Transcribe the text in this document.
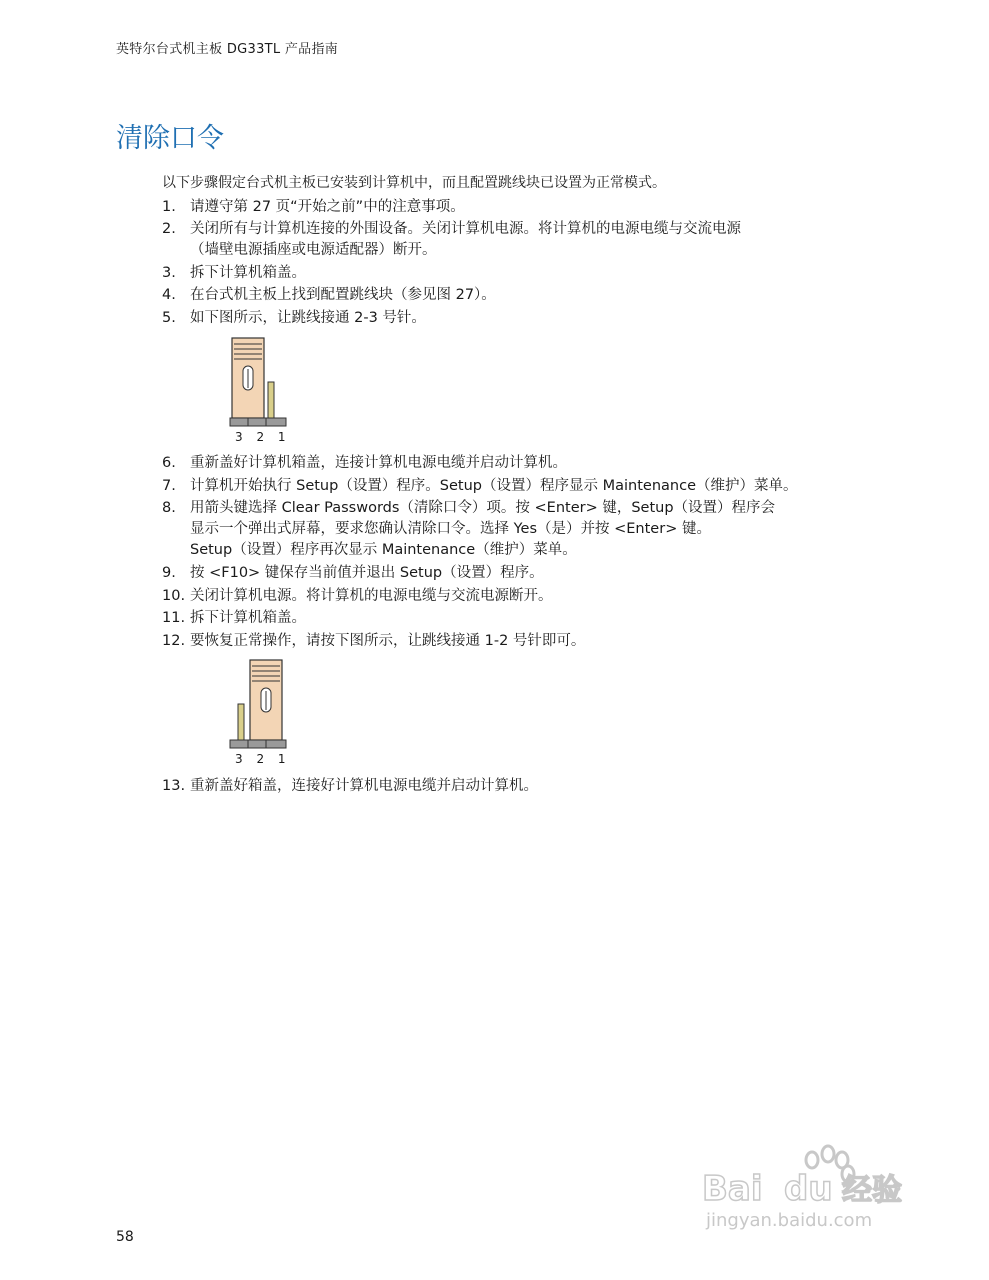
英特尔台式机主板 DG33TL 产品指南
清除口令
以下步骤假定台式机主板已安装到计算机中，而且配置跳线块已设置为正常模式。
1. 请遵守第 27 页“开始之前”中的注意事项。
2. 关闭所有与计算机连接的外围设备。关闭计算机电源。将计算机的电源电缆与交流电源
（墙壁电源插座或电源适配器）断开。
3. 拆下计算机箱盖。
4. 在台式机主板上找到配置跳线块（参见图 27）。
5. 如下图所示，让跳线接通 2-3 号针。
3 2 1
6. 重新盖好计算机箱盖，连接计算机电源电缆并启动计算机。
7. 计算机开始执行 Setup（设置）程序。Setup（设置）程序显示 Maintenance（维护）菜单。
8. 用箭头键选择 Clear Passwords（清除口令）项。按 <Enter> 键，Setup（设置）程序会
显示一个弹出式屏幕，要求您确认清除口令。选择 Yes（是）并按 <Enter> 键。
Setup（设置）程序再次显示 Maintenance（维护）菜单。
9. 按 <F10> 键保存当前值并退出 Setup（设置）程序。
10. 关闭计算机电源。将计算机的电源电缆与交流电源断开。
11. 拆下计算机箱盖。
12. 要恢复正常操作，请按下图所示，让跳线接通 1-2 号针即可。
3 2 1
13. 重新盖好箱盖，连接好计算机电源电缆并启动计算机。
Bai du 经验
jingyan.baidu.com
58
